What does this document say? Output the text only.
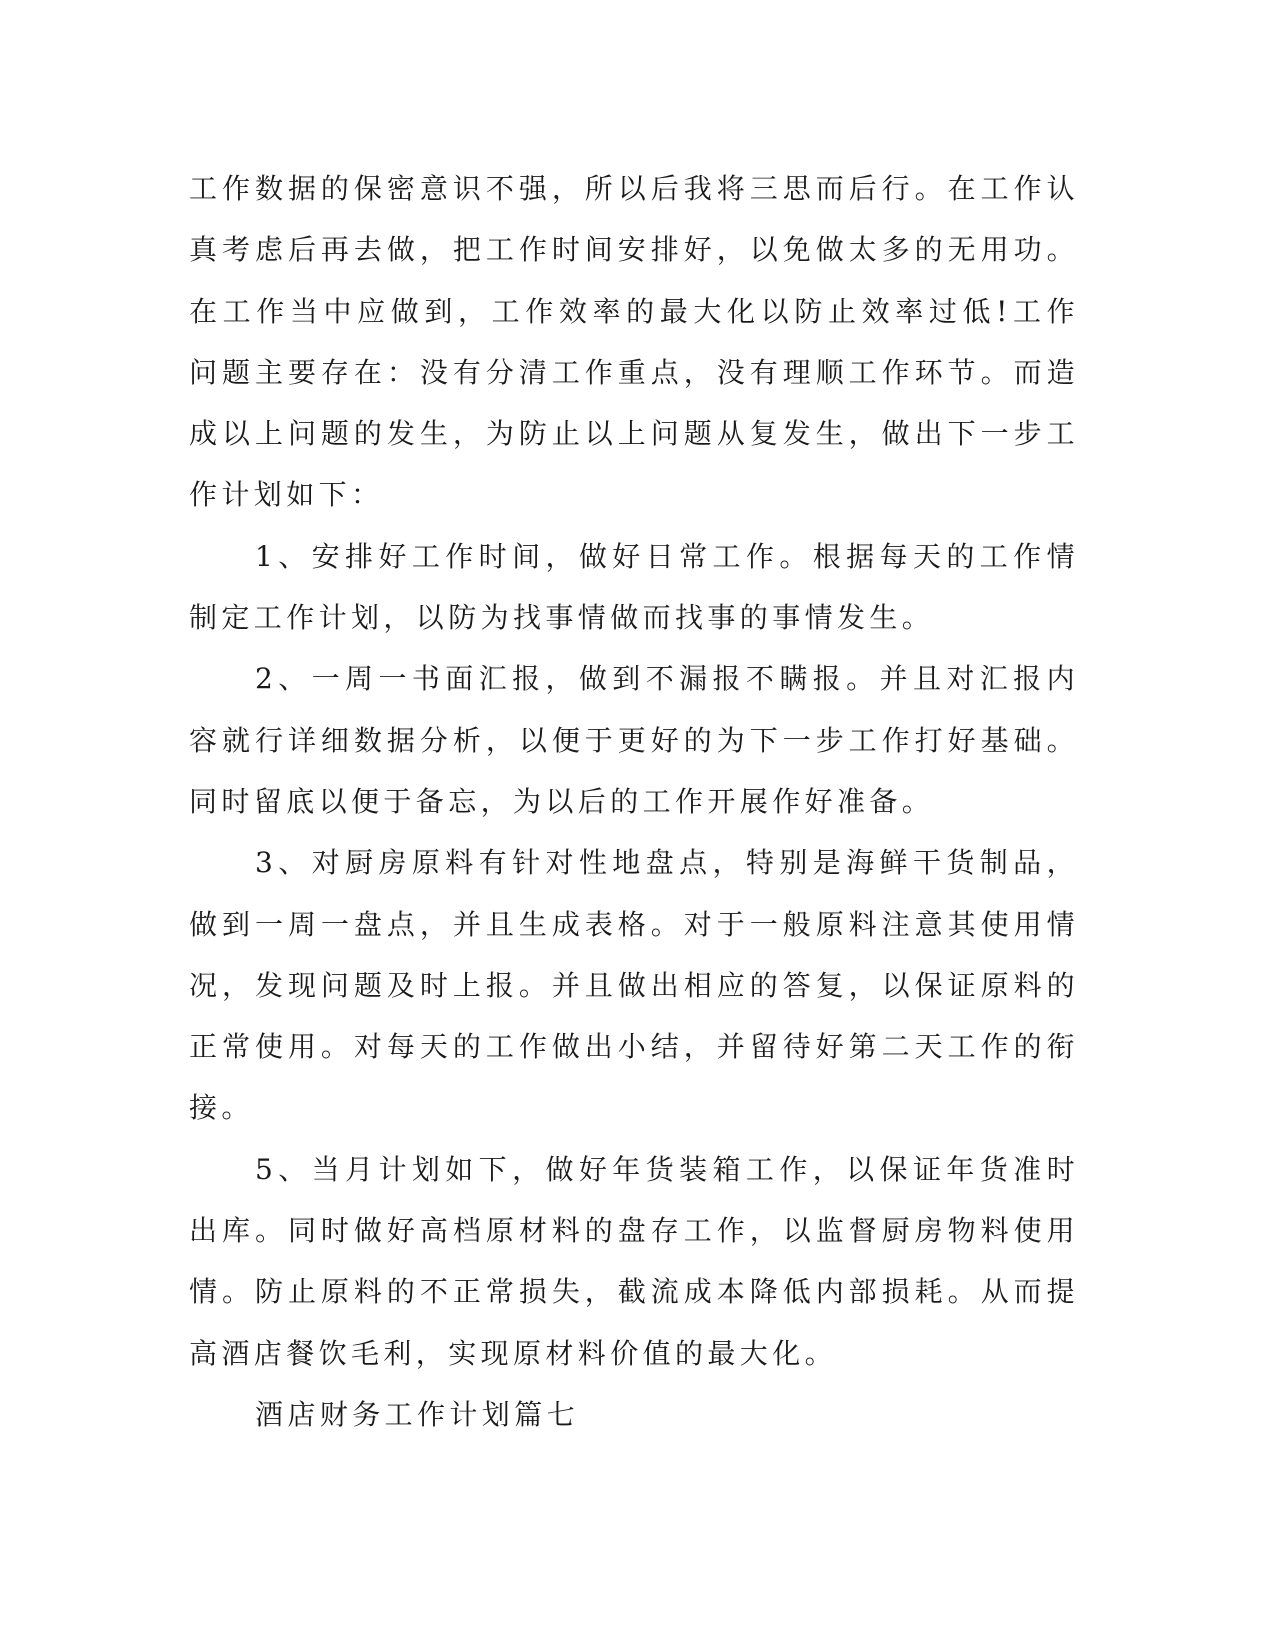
工作数据的保密意识不强，所以后我将三思而后行。在工作认真考虑后再去做，把工作时间安排好，以免做太多的无用功。在工作当中应做到，工作效率的最大化以防止效率过低!工作问题主要存在：没有分清工作重点，没有理顺工作环节。而造成以上问题的发生，为防止以上问题从复发生，做出下一步工作计划如下：

1、安排好工作时间，做好日常工作。根据每天的工作情制定工作计划，以防为找事情做而找事的事情发生。

2、一周一书面汇报，做到不漏报不瞒报。并且对汇报内容就行详细数据分析，以便于更好的为下一步工作打好基础。同时留底以便于备忘，为以后的工作开展作好准备。

3、对厨房原料有针对性地盘点，特别是海鲜干货制品，做到一周一盘点，并且生成表格。对于一般原料注意其使用情况，发现问题及时上报。并且做出相应的答复，以保证原料的正常使用。对每天的工作做出小结，并留待好第二天工作的衔接。

5、当月计划如下，做好年货装箱工作，以保证年货准时出库。同时做好高档原材料的盘存工作，以监督厨房物料使用情。防止原料的不正常损失，截流成本降低内部损耗。从而提高酒店餐饮毛利，实现原材料价值的最大化。

酒店财务工作计划篇七
